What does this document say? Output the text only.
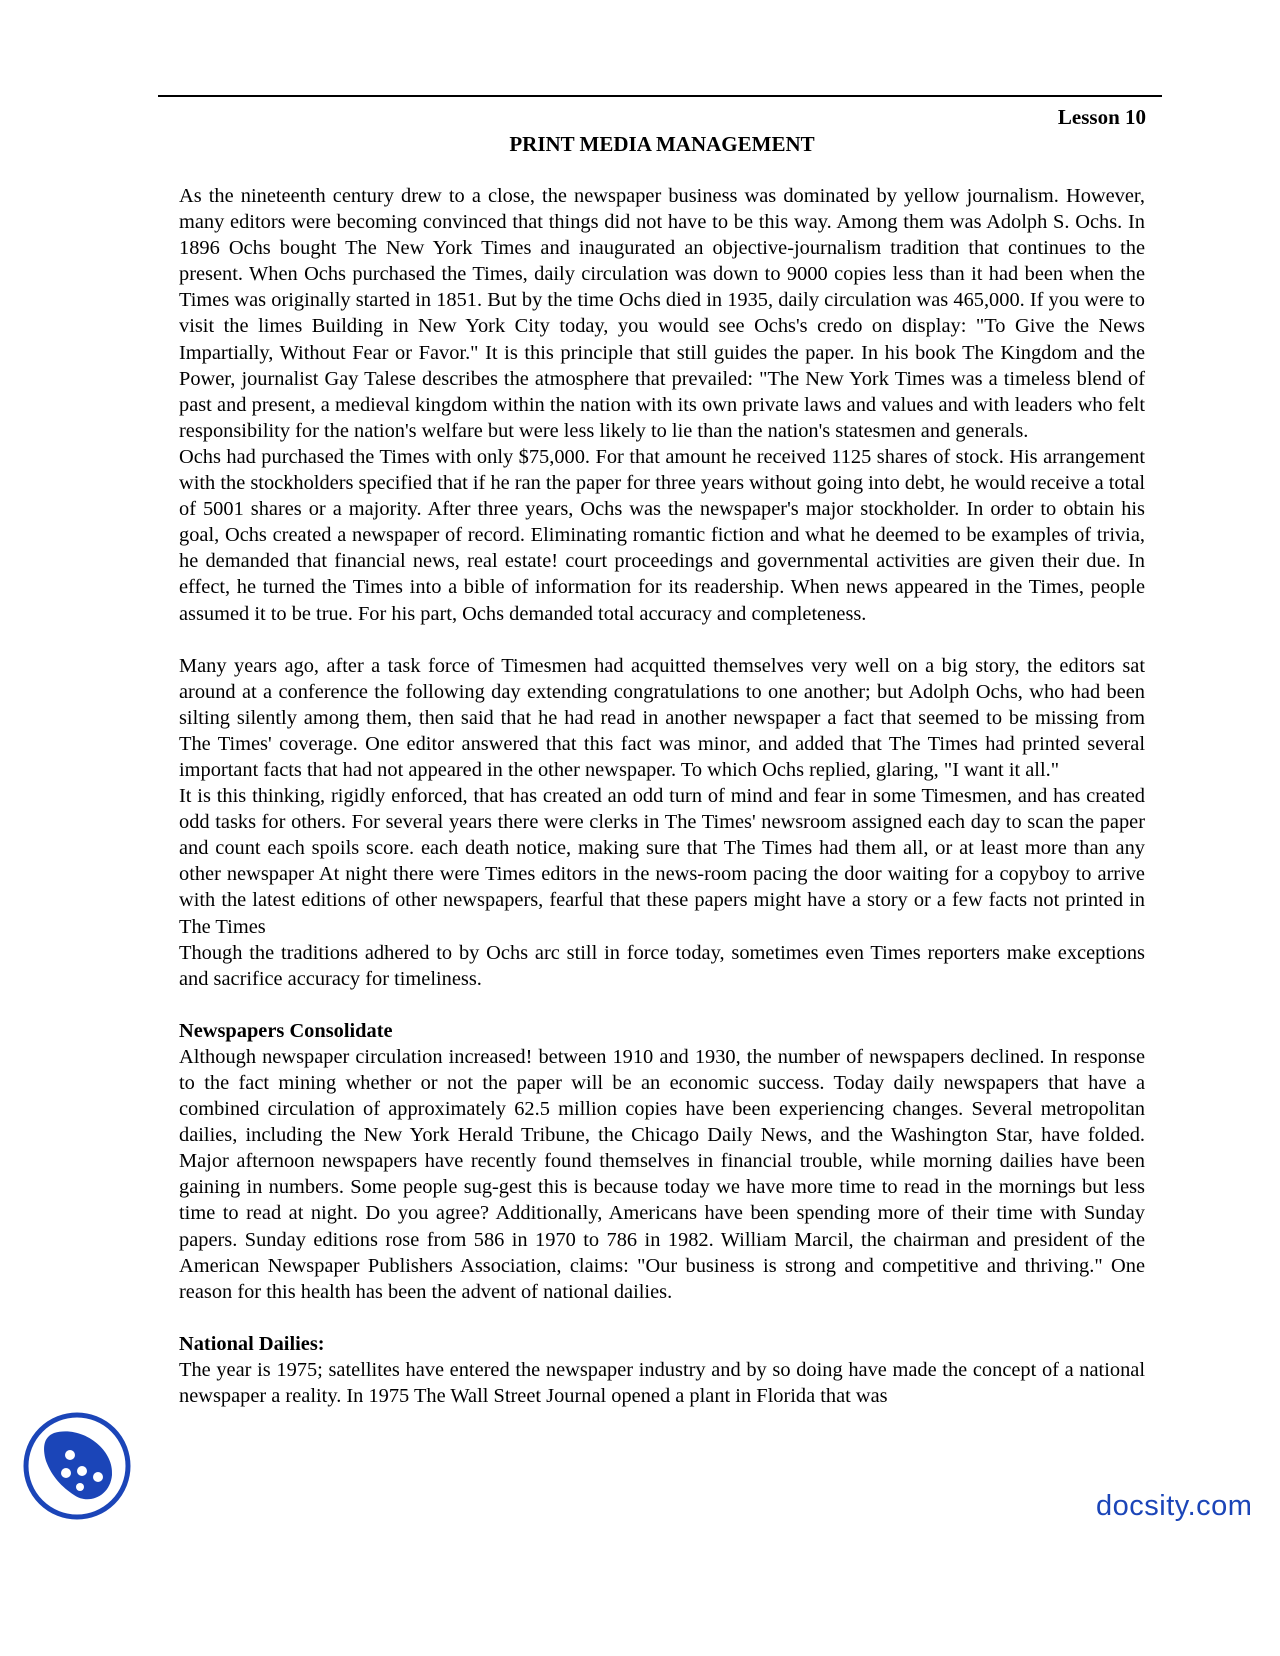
Lesson 10
PRINT MEDIA MANAGEMENT

As the nineteenth century drew to a close, the newspaper business was dominated by yellow journalism. However, many editors were becoming convinced that things did not have to be this way. Among them was Adolph S. Ochs. In 1896 Ochs bought The New York Times and inaugurated an objective-journalism tradition that continues to the present. When Ochs purchased the Times, daily circulation was down to 9000 copies less than it had been when the Times was originally started in 1851. But by the time Ochs died in 1935, daily circulation was 465,000. If you were to visit the limes Building in New York City today, you would see Ochs's credo on display: "To Give the News Impartially, Without Fear or Favor." It is this principle that still guides the paper. In his book The Kingdom and the Power, journalist Gay Talese describes the atmosphere that prevailed: "The New York Times was a timeless blend of past and present, a medieval kingdom within the nation with its own private laws and values and with leaders who felt responsibility for the nation's welfare but were less likely to lie than the nation's statesmen and generals.

Ochs had purchased the Times with only $75,000. For that amount he received 1125 shares of stock. His arrangement with the stockholders specified that if he ran the paper for three years without going into debt, he would receive a total of 5001 shares or a majority. After three years, Ochs was the newspaper's major stockholder. In order to obtain his goal, Ochs created a newspaper of record. Eliminating romantic fiction and what he deemed to be examples of trivia, he demanded that financial news, real estate! court proceedings and governmental activities are given their due. In effect, he turned the Times into a bible of information for its readership. When news appeared in the Times, people assumed it to be true. For his part, Ochs demanded total accuracy and completeness.

Many years ago, after a task force of Timesmen had acquitted themselves very well on a big story, the editors sat around at a conference the following day extending congratulations to one another; but Adolph Ochs, who had been silting silently among them, then said that he had read in another newspaper a fact that seemed to be missing from The Times' coverage. One editor answered that this fact was minor, and added that The Times had printed several important facts that had not appeared in the other newspaper. To which Ochs replied, glaring, "I want it all."

It is this thinking, rigidly enforced, that has created an odd turn of mind and fear in some Timesmen, and has created odd tasks for others. For several years there were clerks in The Times' newsroom assigned each day to scan the paper and count each spoils score. each death notice, making sure that The Times had them all, or at least more than any other newspaper At night there were Times editors in the news-room pacing the door waiting for a copyboy to arrive with the latest editions of other newspapers, fearful that these papers might have a story or a few facts not printed in The Times

Though the traditions adhered to by Ochs arc still in force today, sometimes even Times reporters make exceptions and sacrifice accuracy for timeliness.

Newspapers Consolidate

Although newspaper circulation increased! between 1910 and 1930, the number of newspapers declined. In response to the fact mining whether or not the paper will be an economic success. Today daily newspapers that have a combined circulation of approximately 62.5 million copies have been experiencing changes. Several metropolitan dailies, including the New York Herald Tribune, the Chicago Daily News, and the Washington Star, have folded. Major afternoon newspapers have recently found themselves in financial trouble, while morning dailies have been gaining in numbers. Some people sug-gest this is because today we have more time to read in the mornings but less time to read at night. Do you agree? Additionally, Americans have been spending more of their time with Sunday papers. Sunday editions rose from 586 in 1970 to 786 in 1982. William Marcil, the chairman and president of the American Newspaper Publishers Association, claims: "Our business is strong and competitive and thriving." One reason for this health has been the advent of national dailies.

National Dailies:

The year is 1975; satellites have entered the newspaper industry and by so doing have made the concept of a national newspaper a reality. In 1975 The Wall Street Journal opened a plant in Florida that was

docsity.com
